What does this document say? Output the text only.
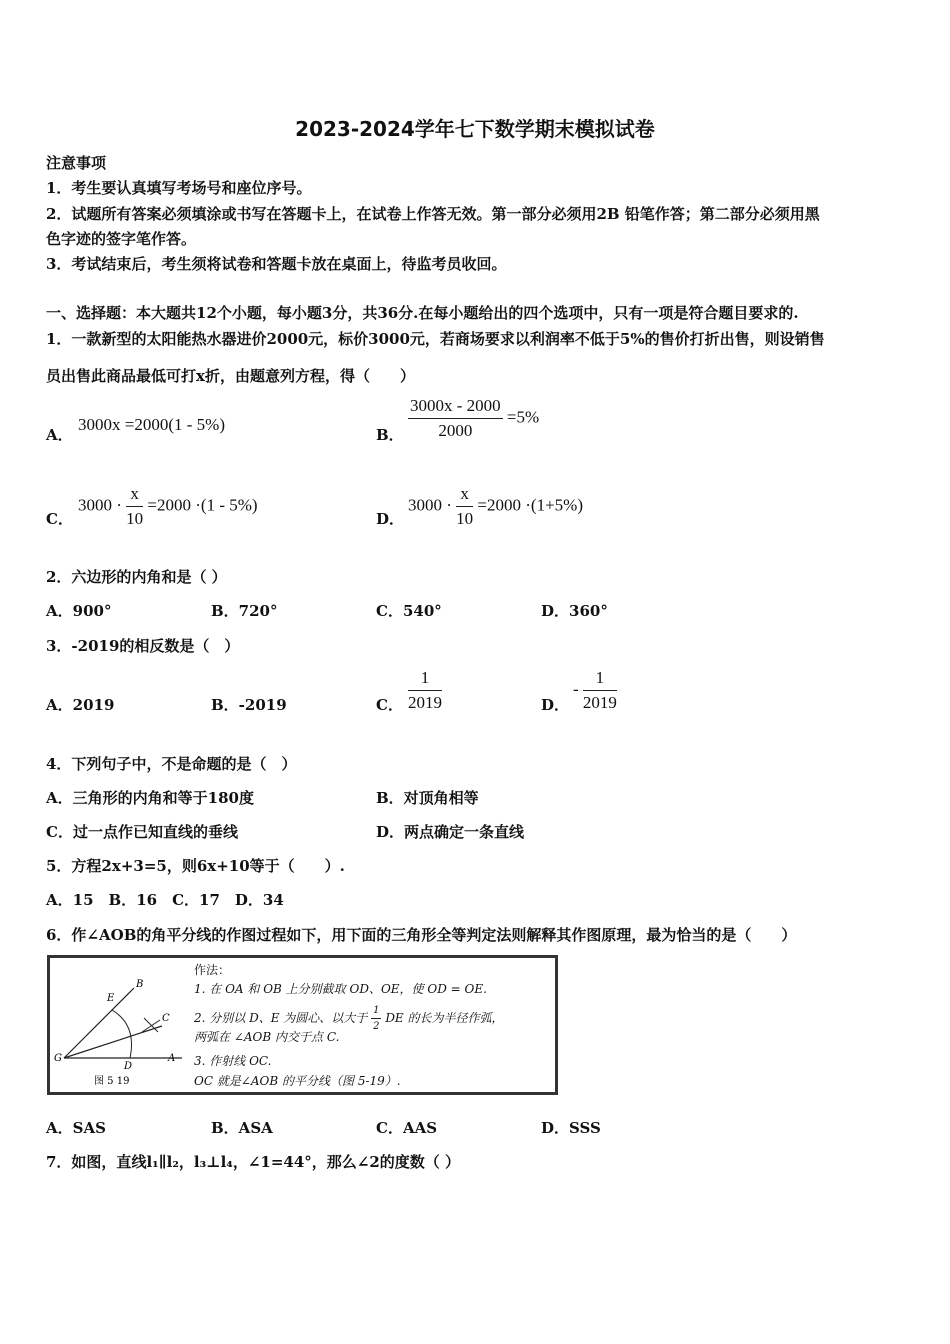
2023-2024学年七下数学期末模拟试卷
注意事项
1．考生要认真填写考场号和座位序号。
2．试题所有答案必须填涂或书写在答题卡上，在试卷上作答无效。第一部分必须用2B 铅笔作答；第二部分必须用黑
色字迹的签字笔作答。
3．考试结束后，考生须将试卷和答题卡放在桌面上，待监考员收回。
一、选择题：本大题共12个小题，每小题3分，共36分.在每小题给出的四个选项中，只有一项是符合题目要求的.
1．一款新型的太阳能热水器进价2000元，标价3000元，若商场要求以利润率不低于5%的售价打折出售，则设销售
员出售此商品最低可打x折，由题意列方程，得（　　）
A．
3000x =2000(1 - 5%)
B． $\frac{3000x - 2000}{2000} =5\%$
C．
$3000 \cdot \frac{x}{10} =2000 \cdot(1 - 5\%)$
D．
$3000 \cdot \frac{x}{10} =2000 \cdot(1+5\%)$
2．六边形的内角和是（ ）
A．900°	B．720°	C．540°	D．360°
3．-2019的相反数是（　）
A．2019	B．-2019	C． $\frac{1}{2019}$	D．
- $\frac{1}{2019}$
4．下列句子中，不是命题的是（　）
A．三角形的内角和等于180度	B．对顶角相等
C．过一点作已知直线的垂线	D．两点确定一条直线
5．方程2x+3=5，则6x+10等于（　　）.
A．15　B．16　C．17　D．34
6．作∠AOB的角平分线的作图过程如下，用下面的三角形全等判定法则解释其作图原理，最为恰当的是（　　）
B
E
C
G
D
A
图 5 19
作法：
1. 在 OA 和 OB 上分别截取 OD、OE，使 OD = OE.
2. 分别以 D、E 为圆心、以大于 $\frac{1}{2}$ DE 的长为半径作弧，
两弧在 ∠AOB 内交于点 C.
3. 作射线 OC.
OC 就是∠AOB 的平分线（图 5-19）.
A．SAS	B．ASA	C．AAS	D．SSS
7．如图，直线l₁∥l₂，l₃⊥l₄，∠1=44°，那么∠2的度数（ ）
